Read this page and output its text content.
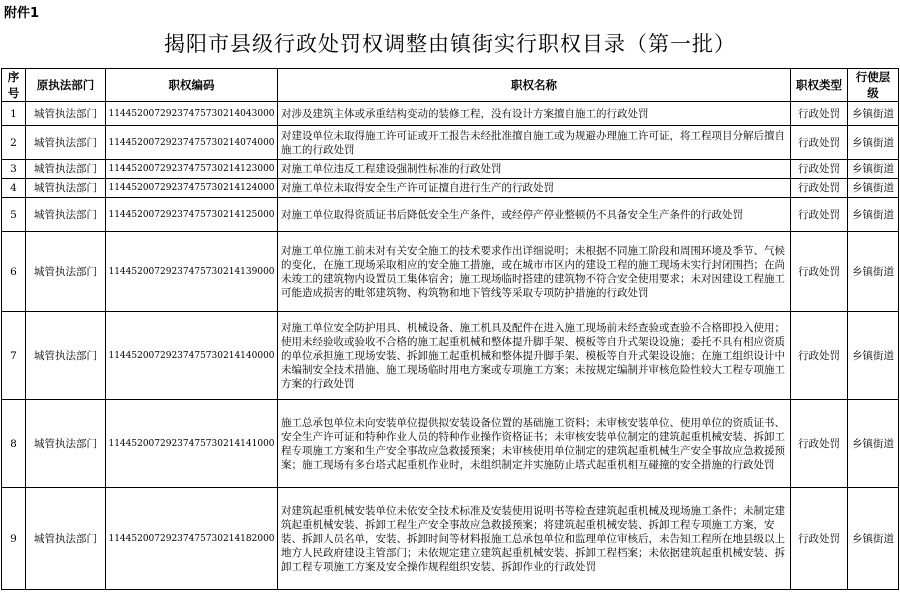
附件1
揭阳市县级行政处罚权调整由镇街实行职权目录（第一批）
序号	原执法部门	职权编码	职权名称	职权类型	行使层级
1	城管执法部门	11445200729237475730214043000	对涉及建筑主体或承重结构变动的装修工程，没有设计方案擅自施工的行政处罚	行政处罚	乡镇街道
2	城管执法部门	11445200729237475730214074000	对建设单位未取得施工许可证或开工报告未经批准擅自施工或为规避办理施工许可证，将工程项目分解后擅自施工的行政处罚	行政处罚	乡镇街道
3	城管执法部门	11445200729237475730214123000	对施工单位违反工程建设强制性标准的行政处罚	行政处罚	乡镇街道
4	城管执法部门	11445200729237475730214124000	对施工单位未取得安全生产许可证擅自进行生产的行政处罚	行政处罚	乡镇街道
5	城管执法部门	11445200729237475730214125000	对施工单位取得资质证书后降低安全生产条件，或经停产停业整顿仍不具备安全生产条件的行政处罚	行政处罚	乡镇街道
6	城管执法部门	11445200729237475730214139000	对施工单位施工前未对有关安全施工的技术要求作出详细说明；未根据不同施工阶段和周围环境及季节、气候的变化，在施工现场采取相应的安全施工措施，或在城市市区内的建设工程的施工现场未实行封闭围挡；在尚未竣工的建筑物内设置员工集体宿舍；施工现场临时搭建的建筑物不符合安全使用要求；未对因建设工程施工可能造成损害的毗邻建筑物、构筑物和地下管线等采取专项防护措施的行政处罚	行政处罚	乡镇街道
7	城管执法部门	11445200729237475730214140000	对施工单位安全防护用具、机械设备、施工机具及配件在进入施工现场前未经查验或查验不合格即投入使用；使用未经验收或验收不合格的施工起重机械和整体提升脚手架、模板等自升式架设设施；委托不具有相应资质的单位承担施工现场安装、拆卸施工起重机械和整体提升脚手架、模板等自升式架设设施；在施工组织设计中未编制安全技术措施、施工现场临时用电方案或专项施工方案；未按规定编制并审核危险性较大工程专项施工方案的行政处罚	行政处罚	乡镇街道
8	城管执法部门	11445200729237475730214141000	施工总承包单位未向安装单位提供拟安装设备位置的基础施工资料；未审核安装单位、使用单位的资质证书、安全生产许可证和特种作业人员的特种作业操作资格证书；未审核安装单位制定的建筑起重机械安装、拆卸工程专项施工方案和生产安全事故应急救援预案；未审核使用单位制定的建筑起重机械生产安全事故应急救援预案；施工现场有多台塔式起重机作业时，未组织制定并实施防止塔式起重机相互碰撞的安全措施的行政处罚	行政处罚	乡镇街道
9	城管执法部门	11445200729237475730214182000	对建筑起重机械安装单位未依安全技术标准及安装使用说明书等检查建筑起重机械及现场施工条件；未制定建筑起重机械安装、拆卸工程生产安全事故应急救援预案；将建筑起重机械安装、拆卸工程专项施工方案，安装、拆卸人员名单，安装、拆卸时间等材料报施工总承包单位和监理单位审核后，未告知工程所在地县级以上地方人民政府建设主管部门；未依规定建立建筑起重机械安装、拆卸工程档案；未依据建筑起重机械安装、拆卸工程专项施工方案及安全操作规程组织安装、拆卸作业的行政处罚	行政处罚	乡镇街道
